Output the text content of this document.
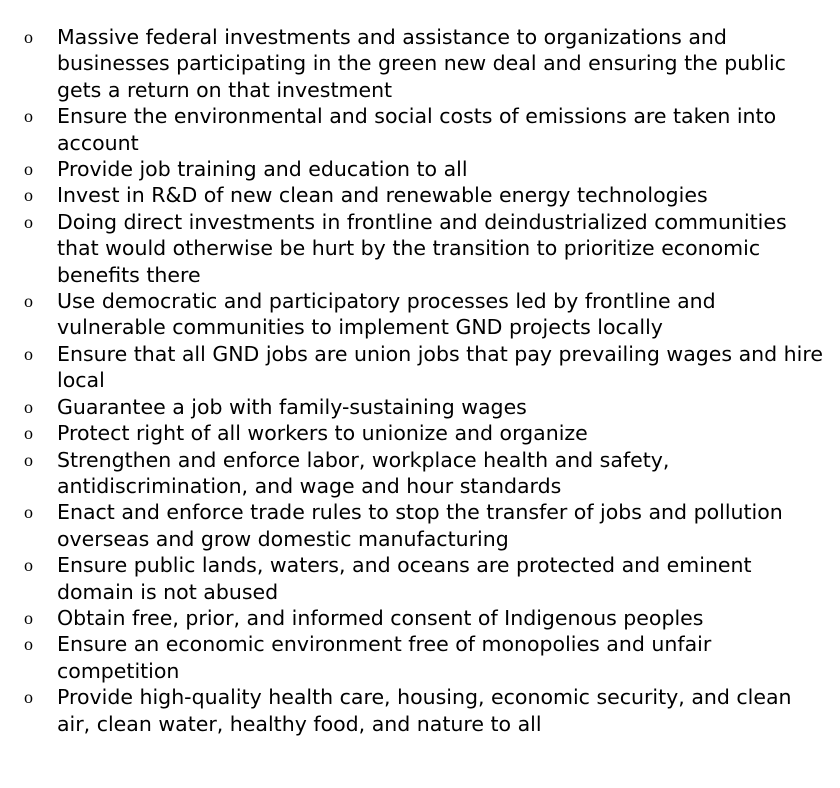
o Massive federal investments and assistance to organizations and businesses participating in the green new deal and ensuring the public gets a return on that investment
o Ensure the environmental and social costs of emissions are taken into account
o Provide job training and education to all
o Invest in R&D of new clean and renewable energy technologies
o Doing direct investments in frontline and deindustrialized communities that would otherwise be hurt by the transition to prioritize economic benefits there
o Use democratic and participatory processes led by frontline and vulnerable communities to implement GND projects locally
o Ensure that all GND jobs are union jobs that pay prevailing wages and hire local
o Guarantee a job with family-sustaining wages
o Protect right of all workers to unionize and organize
o Strengthen and enforce labor, workplace health and safety, antidiscrimination, and wage and hour standards
o Enact and enforce trade rules to stop the transfer of jobs and pollution overseas and grow domestic manufacturing
o Ensure public lands, waters, and oceans are protected and eminent domain is not abused
o Obtain free, prior, and informed consent of Indigenous peoples
o Ensure an economic environment free of monopolies and unfair competition
o Provide high-quality health care, housing, economic security, and clean air, clean water, healthy food, and nature to all
